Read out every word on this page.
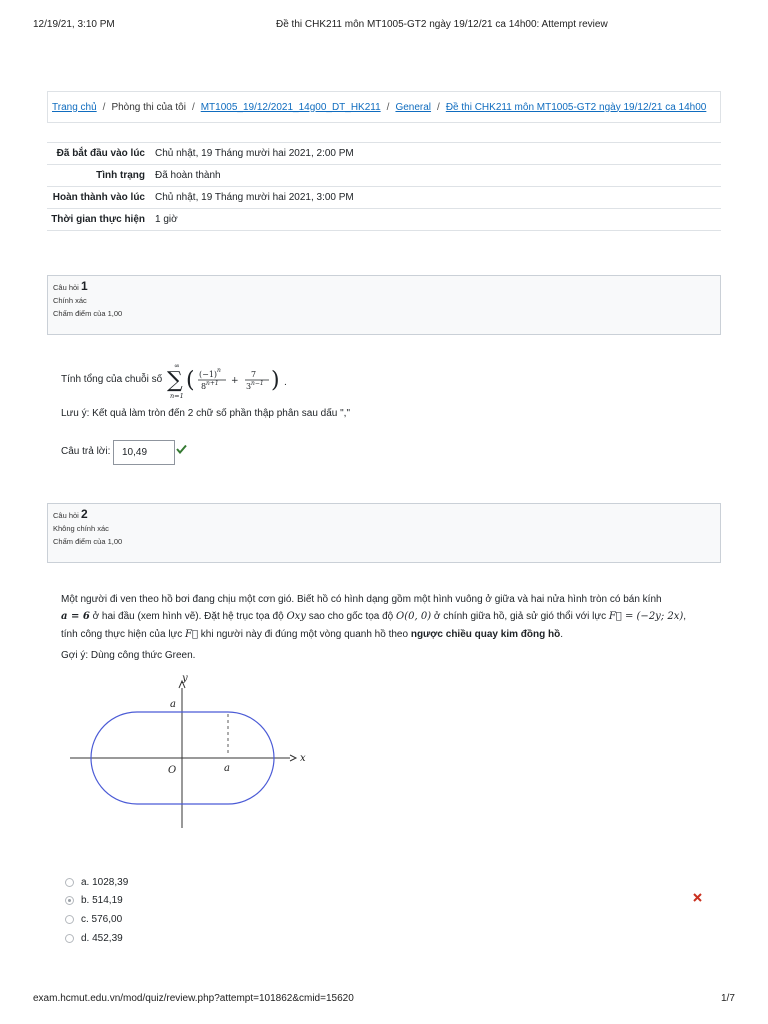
12/19/21, 3:10 PM	Đề thi CHK211 môn MT1005-GT2 ngày 19/12/21 ca 14h00: Attempt review
Trang chủ / Phòng thi của tôi / MT1005_19/12/2021_14g00_DT_HK211 / General / Đề thi CHK211 môn MT1005-GT2 ngày 19/12/21 ca 14h00
Đã bắt đầu vào lúc	Chủ nhật, 19 Tháng mười hai 2021, 2:00 PM
Tình trạng	Đã hoàn thành
Hoàn thành vào lúc	Chủ nhật, 19 Tháng mười hai 2021, 3:00 PM
Thời gian thực hiện	1 giờ
Câu hỏi 1
Chính xác
Chấm điểm của 1,00
Tính tổng của chuỗi số
∞
∑
n=1
( (−1) n
8 n+1 +
7
3 n−1 ) .
Lưu ý: Kết quả làm tròn đến 2 chữ số phần thập phân sau dấu ","
Câu trả lời:
10,49
Câu hỏi 2
Không chính xác
Chấm điểm của 1,00
Một người đi ven theo hồ bơi đang chịu một cơn gió. Biết hồ có hình dạng gồm một hình vuông ở giữa và hai nửa hình tròn có bán kính
a = 6 ở hai đầu (xem hình vẽ). Đặt hệ trục tọa độ Oxy sao cho gốc tọa độ O(0, 0) ở chính giữa hồ, giả sử gió thổi với lực F⃗ = (−2y; 2x),
tính công thực hiện của lực F⃗ khi người này đi đúng một vòng quanh hồ theo ngược chiều quay kim đồng hồ.
Gợi ý: Dùng công thức Green.
y
x
O
a
a
a. 1028,39
b. 514,19
c. 576,00
d. 452,39
exam.hcmut.edu.vn/mod/quiz/review.php?attempt=101862&cmid=15620	1/7
